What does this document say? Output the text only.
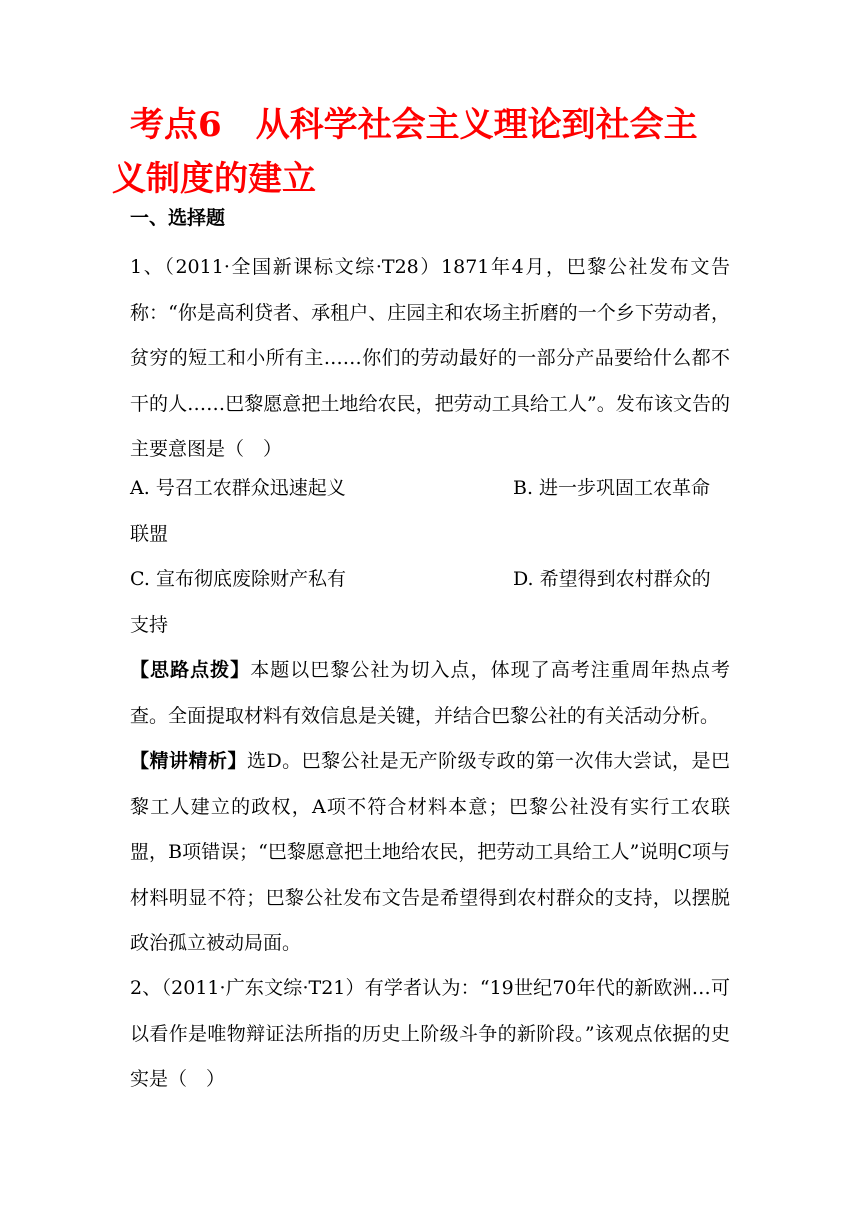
考点6　从科学社会主义理论到社会主义制度的建立
一、选择题
1、（2011·全国新课标文综·T28）1871年4月，巴黎公社发布文告称：“你是高利贷者、承租户、庄园主和农场主折磨的一个乡下劳动者，贫穷的短工和小所有主……你们的劳动最好的一部分产品要给什么都不干的人……巴黎愿意把土地给农民，把劳动工具给工人”。发布该文告的主要意图是（　）
A. 号召工农群众迅速起义	B. 进一步巩固工农革命
联盟
C. 宣布彻底废除财产私有	D. 希望得到农村群众的
支持
【思路点拨】本题以巴黎公社为切入点，体现了高考注重周年热点考查。全面提取材料有效信息是关键，并结合巴黎公社的有关活动分析。
【精讲精析】选D。巴黎公社是无产阶级专政的第一次伟大尝试，是巴黎工人建立的政权，A项不符合材料本意；巴黎公社没有实行工农联盟，B项错误；“巴黎愿意把土地给农民，把劳动工具给工人”说明C项与材料明显不符；巴黎公社发布文告是希望得到农村群众的支持，以摆脱政治孤立被动局面。
2、（2011·广东文综·T21）有学者认为：“19世纪70年代的新欧洲…可以看作是唯物辩证法所指的历史上阶级斗争的新阶段。”该观点依据的史实是（　）
